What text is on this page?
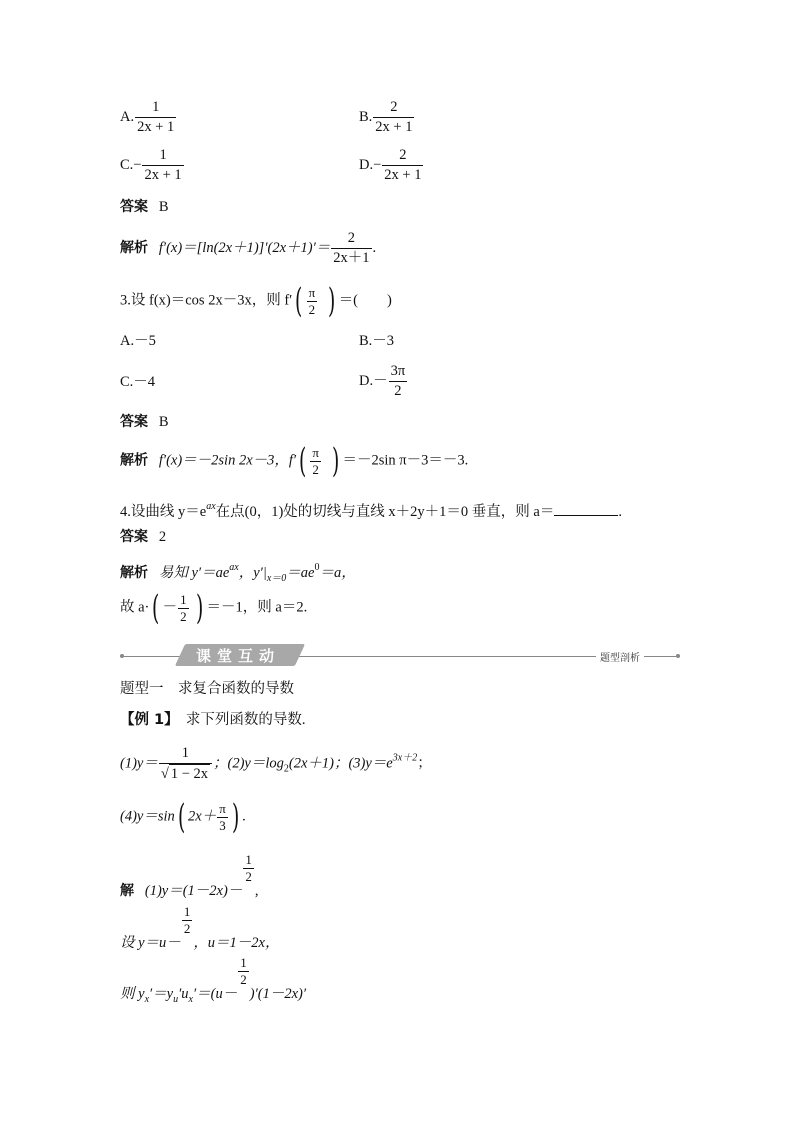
A. $\frac{1}{2x + 1}$	B. $\frac{2}{2x + 1}$
$C.- \frac{1}{2x + 1}$	$D.- \frac{2}{2x + 1}$
答案 B
解析 $f'(x)=[\ln(2x+1)]'(2x+1)'= \frac{2}{2x+1}$ .
3.设 f(x)＝cos 2x－3x，则 $f'( \frac{\pi}{2}$ ) ＝(　　)
A.－5	B.－3
C.－4	$D.- \frac{3\pi}{2}$
答案 B
解析 f′(x)＝－2sin 2x－3，$f'( \frac{\pi}{2}$ ) ＝－2sin π－3＝－3.
4.设曲线 $y=e^{ax}$在点(0，1)处的切线与直线 x＋2y＋1＝0 垂直，则 a＝	.
答案 2
解析 易知 $y'=ae^{ax}$，$y'|_{x=0}=ae^0=a$，
故 $a\cdot( - \frac{1}{2}$ ) ＝－1，则 a＝2.
课堂互动	题型剖析
题型一　求复合函数的导数
【例 1】　求下列函数的导数.
$(1)y= \frac{1}{√ 1 - 2x}$ ；$(2)y=\log_2(2x+1)$；$(3)y=e^{3x+2}$；
(4)y＝sin( $2x+ \frac{\pi}{3}$ ) .
解 (1)y＝(1－2x)－
$\frac{1}{2}$
,
设 y＝u－
$\frac{1}{2}$
，u＝1－2x，
则 $y_x'=y_u'u_x'=(u-$
$\frac{1}{2}$
)′(1－2x)′
